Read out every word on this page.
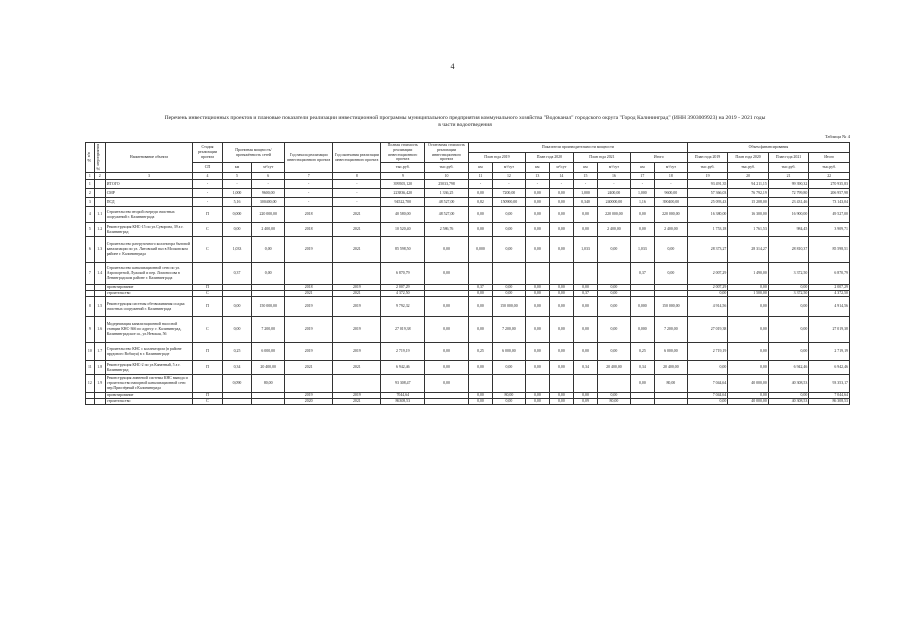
4
Перечень инвестиционных проектов и плановые показатели реализации инвестиционной программы муниципального предприятия коммунального хозяйства "Водоканал" городского округа "Город Калининград" (ИНН 3903009923) на 2019 - 2021 годы
в части водоотведения
Таблица № 4
№ п/п	№ мероприятия	Наименование объекта	Стадия реализации проекта	Проектная мощность/ протяжённость сетей		Год начала реализации инвестиционного проекта	Год окончания реализации инвестиционного проекта	Полная стоимость реализации инвестиционного проекта	Остаточная стоимость реализации инвестиционного проекта	Показатели производительности мощности								Объем финансирования			
										План года 2019		План года 2020		План года 2021		Итого		План года 2019	План года 2020	План года 2021	Итого
			СП	км	м³/сут			тыс.руб.	тыс.руб.	км	м³/сут	км	м³/сут	км	м³/сут	км	м³/сут	тыс.руб.	тыс.руб.	тыс.руб.	тыс.руб.
1	2	3	4	5	6	7	8	9	10	11	12	13	14	15	16	17	18	19	20	21	22
1		ИТОГО	-	-	-	-	-	399505,120	25033,798	-	-	-	-	-	-	-	-	93 491,35	94 211,15	99 390,32	270 935,83
2		СМР	-	1,000	9600,00	-	-	223836,420	1 336,25	0,00	7200,00	0,00	0,00	1,000	2400,00	1,000	9600,00	57 366,03	76 792,19	72 799,80	206 957,98
3		ПСД	-	5,16	300400,00	-	-	94522,700	48 527,00	0,82	150900,00	0,00	0,00	0,340	240000,00	1,16	390400,00	25 093,43	15 208,00	23 431,46	73 143,04
4	1.1	Строительство второй очереди очистных сооружений г. Калининграда	П	0,000	220 000,00	2018	2021	40 580,00	48 527,00	0,00	0,00	0,00	0,00	0,00	220 000,00	0,00	220 000,00	16 380,00	16 300,00	16 900,00	49 527,00
5	1.2	Реконструкция КНС-15 по ул.Суворова, 39 а г. Калининград	С	0,00	2 400,00	2018	2021	10 520,40	2 586,76	0,00	0,00	0,00	0,00	0,00	2 400,00	0,00	2 400,00	1 753,18	1 761,53	984,45	3 909,71
6	1.3	Строительство разгрузочного коллектора бытовой канализации по ул. Литовский вал в Московском районе г. Калининграда	С	1,033	0,00	2019	2021	85 598,50	0,00	0,000	0,00	0,00	0,00	1,033	0,00	1,033	0,00	28 373,27	28 314,27	28 810,37	85 598,51
7	1.4	Строительство канализационной сети по ул. Аэропортной, Лужской и пер. Ломоносова в Ленинградском районе г. Калининграда		0,37	0,00			6 870,79	0,00							0,37	0,00	2 007,29	1 490,00	3 372,50	6 870,79
		проектирование	П			2018	2019	2 007,29		0,37	0,00	0,00	0,00	0,00	0,00			2 007,29	0,00	0,00	2 007,29
		строительство	С			2021	2021	4 372,50		0,00	0,00	0,00	0,00	0,37	0,00			0,00	1 500,00	3 372,50	4 372,50
8	1.5	Реконструкция системы обезвоживания осадка очистных сооружений г. Калининграда	П	0,00	150 000,00	2019	2019	9 792,32	0,00	0,00	150 000,00	0,00	0,00	0,00	0,00	0,000	150 000,00	4 914,56	0,00	0,00	4 914,56
9	1.6	Модернизация канализационной насосной станции КНС-366 по адресу: г. Калининград, Калининградское ш., ул.Невская, 56	С	0,00	7 200,00	2019	2019	27 019,38	0,00	0,00	7 200,00	0,00	0,00	0,00	0,00	0,000	7 200,00	27 019,38	0,00	0,00	27 019,38
10	1.7	Строительство КНС с коллектором (в районе прудового Вобшуя) в г. Калининграде	П	0,25	6 000,00	2019	2019	2 719,19	0,00	0,25	6 000,00	0,00	0,00	0,00	0,00	0,25	6 000,00	2 719,19	0,00	0,00	2 719,19
11	1.8	Реконструкция КНС-2 по ул.Канатный, 5 а г. Калининград	П	0,34	20 400,00	2021	2021	6 942,46	0,00	0,00	0,00	0,00	0,00	0,34	20 400,00	0,34	20 400,00	0,00	0,00	6 942,46	6 942,46
12	1.9	Реконструкция ливневой системы КНС вывода и строительство напорной канализационной сети пер.Приозёрный г.Калининграда		0,090	80,00			93 308,47	0,00							0,00	80,00	7 044,64	40 000,00	40 308,53	93 353,17
		проектирование	П			2019	2019	7044,64		0,00	80,00	0,00	0,00	0,00	0,00			7 044,64	0,00	0,00	7 044,64
		строительство	С			2020	2021	86308,53		0,00	0,00	0,00	0,00	0,09	80,00			0,00	40 000,00	40 308,53	86 308,53
